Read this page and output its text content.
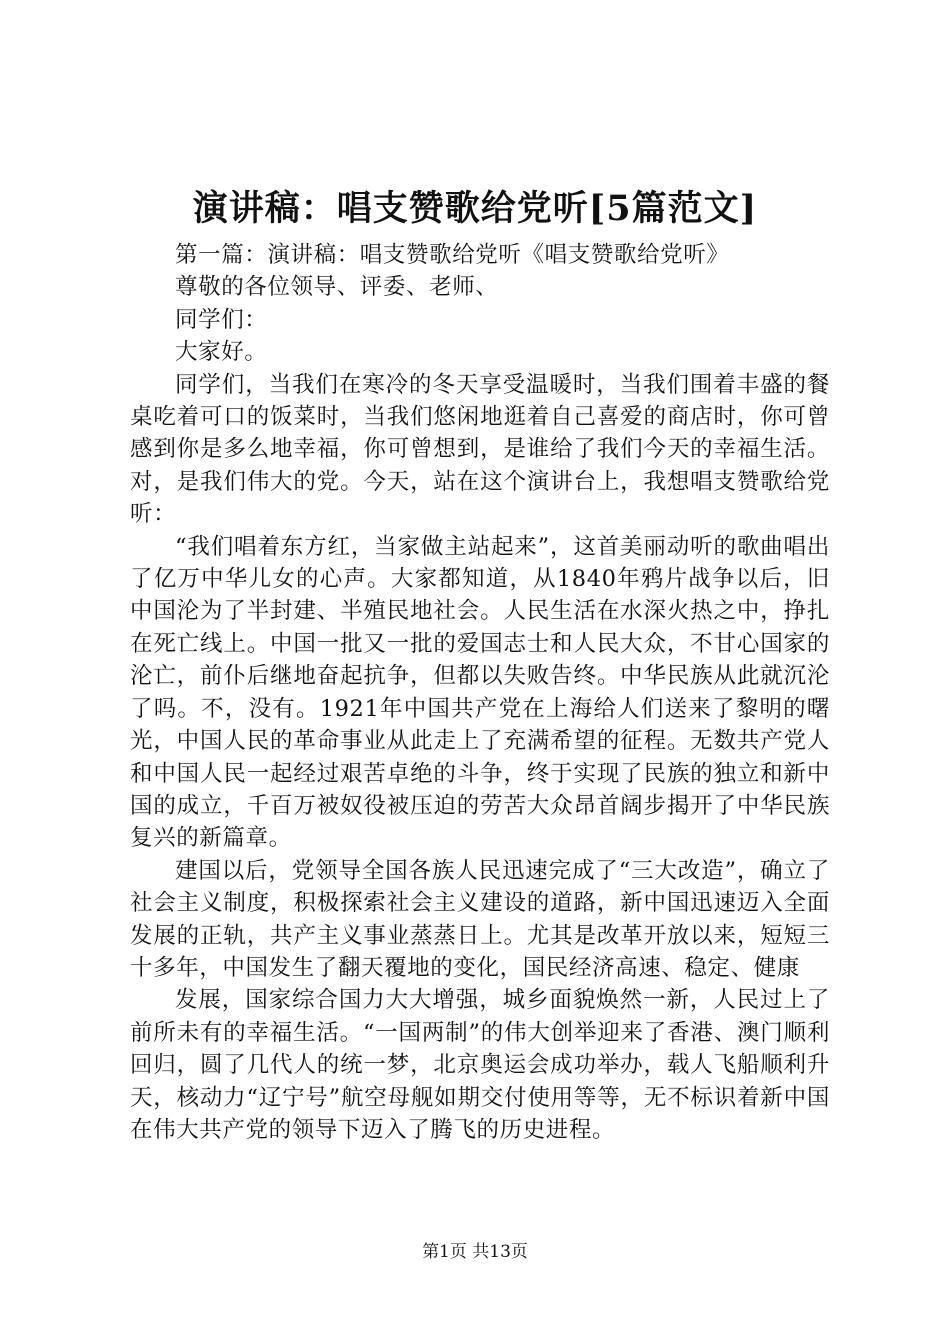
演讲稿：唱支赞歌给党听[5篇范文]

第一篇：演讲稿：唱支赞歌给党听《唱支赞歌给党听》

尊敬的各位领导、评委、老师、

同学们：

大家好。

同学们，当我们在寒冷的冬天享受温暖时，当我们围着丰盛的餐桌吃着可口的饭菜时，当我们悠闲地逛着自己喜爱的商店时，你可曾感到你是多么地幸福，你可曾想到，是谁给了我们今天的幸福生活。对，是我们伟大的党。今天，站在这个演讲台上，我想唱支赞歌给党听：

“我们唱着东方红，当家做主站起来”，这首美丽动听的歌曲唱出了亿万中华儿女的心声。大家都知道，从1840年鸦片战争以后，旧中国沦为了半封建、半殖民地社会。人民生活在水深火热之中，挣扎在死亡线上。中国一批又一批的爱国志士和人民大众，不甘心国家的沦亡，前仆后继地奋起抗争，但都以失败告终。中华民族从此就沉沦了吗。不，没有。1921年中国共产党在上海给人们送来了黎明的曙光，中国人民的革命事业从此走上了充满希望的征程。无数共产党人和中国人民一起经过艰苦卓绝的斗争，终于实现了民族的独立和新中国的成立，千百万被奴役被压迫的劳苦大众昂首阔步揭开了中华民族复兴的新篇章。

建国以后，党领导全国各族人民迅速完成了“三大改造”，确立了社会主义制度，积极探索社会主义建设的道路，新中国迅速迈入全面发展的正轨，共产主义事业蒸蒸日上。尤其是改革开放以来，短短三十多年，中国发生了翻天覆地的变化，国民经济高速、稳定、健康

发展，国家综合国力大大增强，城乡面貌焕然一新，人民过上了前所未有的幸福生活。“一国两制”的伟大创举迎来了香港、澳门顺利回归，圆了几代人的统一梦，北京奥运会成功举办，载人飞船顺利升天，核动力“辽宁号”航空母舰如期交付使用等等，无不标识着新中国在伟大共产党的领导下迈入了腾飞的历史进程。

第1页 共13页
